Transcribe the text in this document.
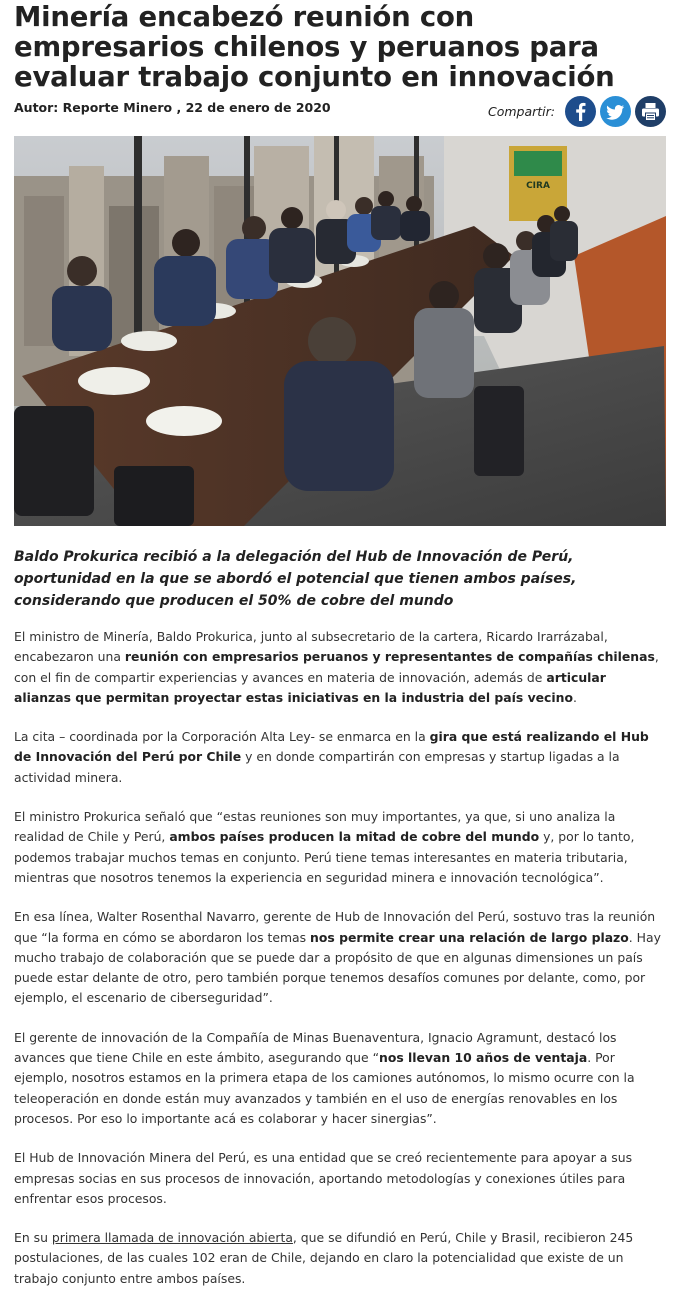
Minería encabezó reunión con empresarios chilenos y peruanos para evaluar trabajo conjunto en innovación
Autor: Reporte Minero , 22 de enero de 2020	Compartir:
CIRA

Baldo Prokurica recibió a la delegación del Hub de Innovación de Perú, oportunidad en la que se abordó el potencial que tienen ambos países, considerando que producen el 50% de cobre del mundo

El ministro de Minería, Baldo Prokurica, junto al subsecretario de la cartera, Ricardo Irarrázabal, encabezaron una reunión con empresarios peruanos y representantes de compañías chilenas, con el fin de compartir experiencias y avances en materia de innovación, además de articular alianzas que permitan proyectar estas iniciativas en la industria del país vecino.

La cita – coordinada por la Corporación Alta Ley- se enmarca en la gira que está realizando el Hub de Innovación del Perú por Chile y en donde compartirán con empresas y startup ligadas a la actividad minera.

El ministro Prokurica señaló que “estas reuniones son muy importantes, ya que, si uno analiza la realidad de Chile y Perú, ambos países producen la mitad de cobre del mundo y, por lo tanto, podemos trabajar muchos temas en conjunto. Perú tiene temas interesantes en materia tributaria, mientras que nosotros tenemos la experiencia en seguridad minera e innovación tecnológica”.

En esa línea, Walter Rosenthal Navarro, gerente de Hub de Innovación del Perú, sostuvo tras la reunión que “la forma en cómo se abordaron los temas nos permite crear una relación de largo plazo. Hay mucho trabajo de colaboración que se puede dar a propósito de que en algunas dimensiones un país puede estar delante de otro, pero también porque tenemos desafíos comunes por delante, como, por ejemplo, el escenario de ciberseguridad”.

El gerente de innovación de la Compañía de Minas Buenaventura, Ignacio Agramunt, destacó los avances que tiene Chile en este ámbito, asegurando que “nos llevan 10 años de ventaja. Por ejemplo, nosotros estamos en la primera etapa de los camiones autónomos, lo mismo ocurre con la teleoperación en donde están muy avanzados y también en el uso de energías renovables en los procesos. Por eso lo importante acá es colaborar y hacer sinergias”.

El Hub de Innovación Minera del Perú, es una entidad que se creó recientemente para apoyar a sus empresas socias en sus procesos de innovación, aportando metodologías y conexiones útiles para enfrentar esos procesos.

En su primera llamada de innovación abierta, que se difundió en Perú, Chile y Brasil, recibieron 245 postulaciones, de las cuales 102 eran de Chile, dejando en claro la potencialidad que existe de un trabajo conjunto entre ambos países.
